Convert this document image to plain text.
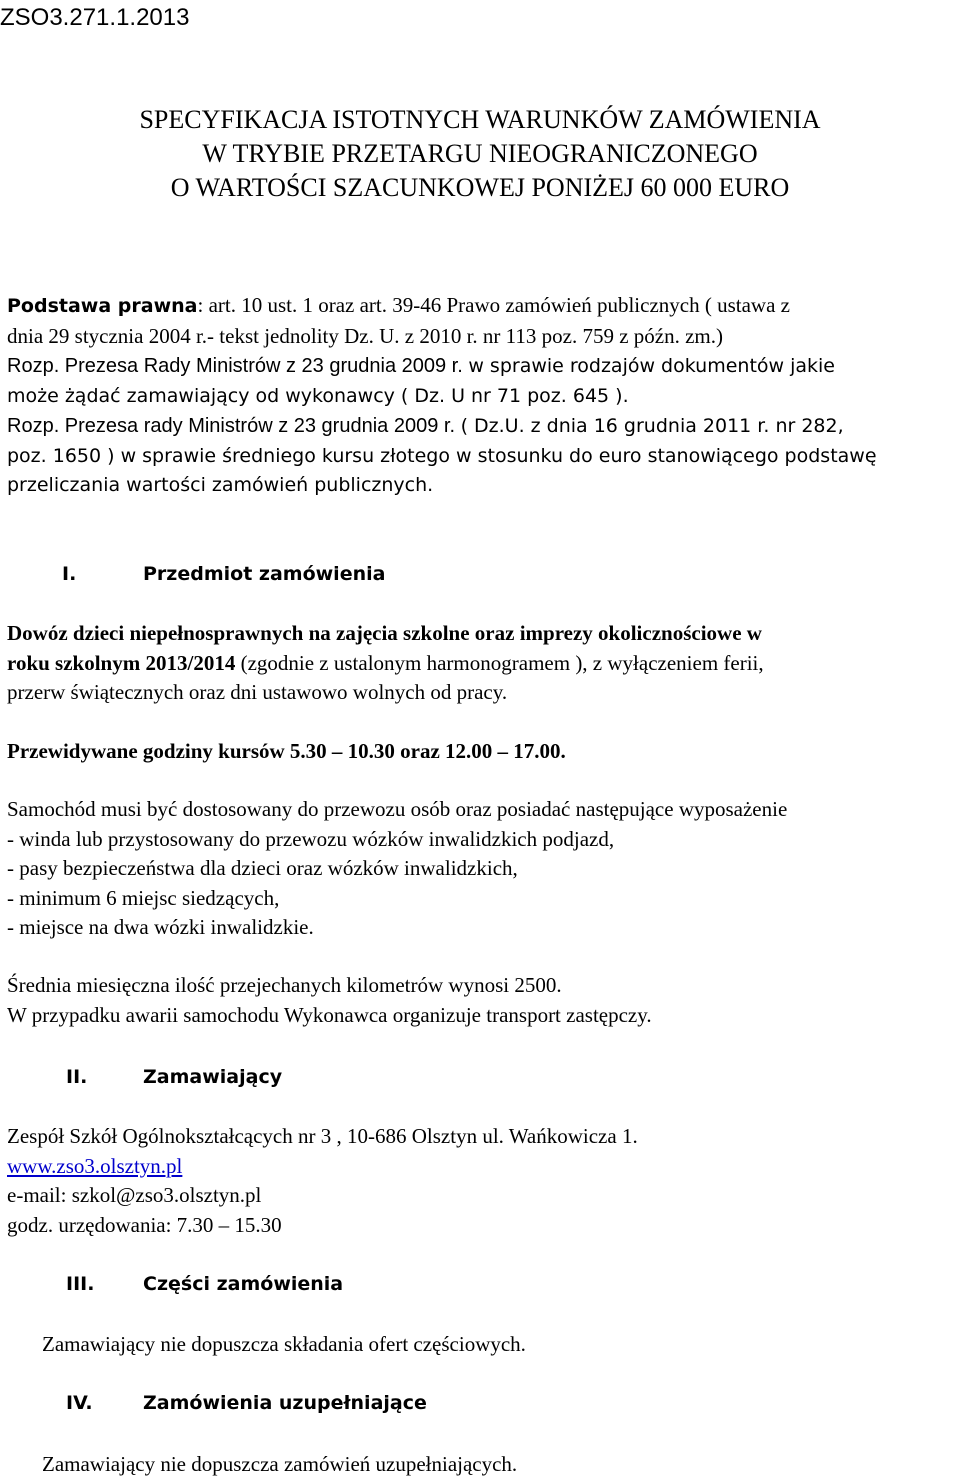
ZSO3.271.1.2013

SPECYFIKACJA ISTOTNYCH WARUNKÓW ZAMÓWIENIA
W TRYBIE PRZETARGU NIEOGRANICZONEGO
O WARTOŚCI SZACUNKOWEJ PONIŻEJ 60 000 EURO
Podstawa prawna: art. 10 ust. 1 oraz art. 39-46 Prawo zamówień publicznych ( ustawa z
dnia 29 stycznia 2004 r.- tekst jednolity Dz. U. z 2010 r. nr 113 poz. 759 z późn. zm.)
Rozp. Prezesa Rady Ministrów z 23 grudnia 2009 r. w sprawie rodzajów dokumentów jakie
może żądać zamawiający od wykonawcy ( Dz. U nr 71 poz. 645 ).
Rozp. Prezesa rady Ministrów z 23 grudnia 2009 r. ( Dz.U. z dnia 16 grudnia 2011 r. nr 282,
poz. 1650 ) w sprawie średniego kursu złotego w stosunku do euro stanowiącego podstawę
przeliczania wartości zamówień publicznych.
I.	Przedmiot zamówienia
Dowóz dzieci niepełnosprawnych na zajęcia szkolne oraz imprezy okolicznościowe w
roku szkolnym 2013/2014 (zgodnie z ustalonym harmonogramem ), z wyłączeniem ferii,
przerw świątecznych oraz dni ustawowo wolnych od pracy.
Przewidywane godziny kursów 5.30 – 10.30 oraz 12.00 – 17.00.
Samochód musi być dostosowany do przewozu osób oraz posiadać następujące wyposażenie
- winda lub przystosowany do przewozu wózków inwalidzkich podjazd,
- pasy bezpieczeństwa dla dzieci oraz wózków inwalidzkich,
- minimum 6 miejsc siedzących,
- miejsce na dwa wózki inwalidzkie.
Średnia miesięczna ilość przejechanych kilometrów wynosi 2500.
W przypadku awarii samochodu Wykonawca organizuje transport zastępczy.
II.	Zamawiający
Zespół Szkół Ogólnokształcących nr 3 , 10-686 Olsztyn ul. Wańkowicza 1.
www.zso3.olsztyn.pl
e-mail: szkol@zso3.olsztyn.pl
godz. urzędowania: 7.30 – 15.30
III.	Części zamówienia
Zamawiający nie dopuszcza składania ofert częściowych.
IV.	Zamówienia uzupełniające
Zamawiający nie dopuszcza zamówień uzupełniających.
